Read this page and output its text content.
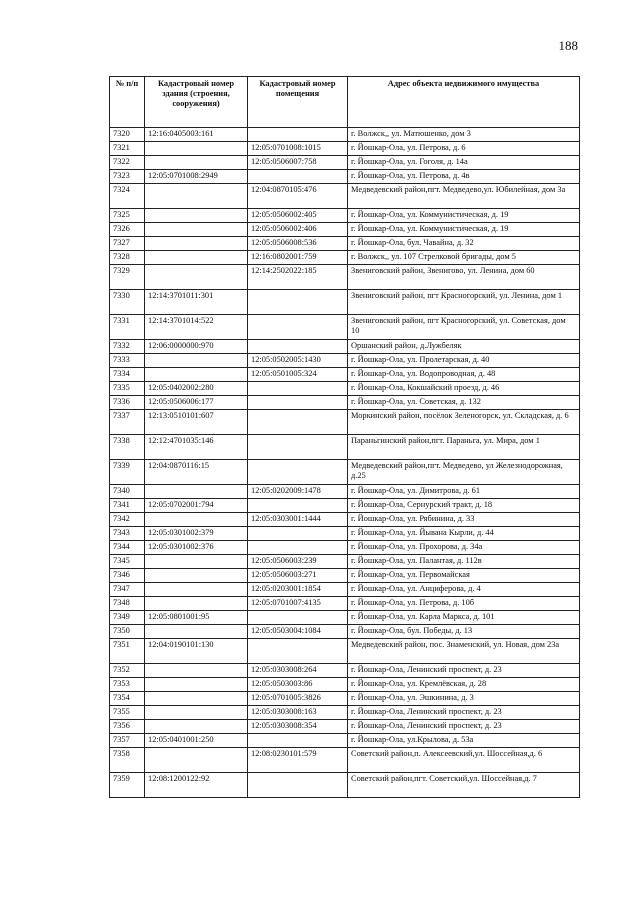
188
№ п/п	Кадастровый номер здания (строения, сооружения)	Кадастровый номер помещения	Адрес объекта недвижимого имущества
7320	12:16:0405003:161		г. Волжск,, ул. Матюшенко, дом 3
7321		12:05:0701008:1015	г. Йошкар-Ола, ул. Петрова, д. 6
7322		12:05:0506007:758	г. Йошкар-Ола, ул. Гоголя, д. 14а
7323	12:05:0701008:2949		г. Йошкар-Ола, ул. Петрова, д. 4в
7324		12:04:0870105:476	Медведевский район,пгт. Медведево,ул. Юбилейная, дом 3а
7325		12:05:0506002:405	г. Йошкар-Ола, ул. Коммунистическая, д. 19
7326		12:05:0506002:406	г. Йошкар-Ола, ул. Коммунистическая, д. 19
7327		12:05:0506008:536	г. Йошкар-Ола, бул. Чавайна, д. 32
7328		12:16:0802001:759	г. Волжск,, ул. 107 Стрелковой бригады, дом 5
7329		12:14:2502022:185	Звениговский район, Звенигово, ул. Ленина, дом 60
7330	12:14:3701011:301		Звениговский район, пгт Красногорский, ул. Ленина, дом 1
7331	12:14:3701014:522		Звениговский район, пгт Красногорский, ул. Советская, дом 10
7332	12:06:0000000:970		Оршанский район, д.Лужбеляк
7333		12:05:0502005:1430	г. Йошкар-Ола, ул. Пролетарская, д. 40
7334		12:05:0501005:324	г. Йошкар-Ола, ул. Водопроводная, д. 48
7335	12:05:0402002:280		г. Йошкар-Ола, Кокшайский проезд, д. 46
7336	12:05:0506006:177		г. Йошкар-Ола, ул. Советская, д. 132
7337	12:13:0510101:607		Моркинский район, посёлок Зеленогорск, ул. Складская, д. 6
7338	12:12:4701035:146		Параньгинский район,пгт. Параньга, ул. Мира, дом 1
7339	12:04:0870116:15		Медведевский район,пгт. Медведево, ул Железнодорожная, д.25
7340		12:05:0202009:1478	г. Йошкар-Ола, ул. Димитрова, д. 61
7341	12:05:0702001:794		г. Йошкар-Ола, Сернурский тракт, д. 18
7342		12:05:0303001:1444	г. Йошкар-Ола, ул. Рябинина, д. 33
7343	12:05:0301002:379		г. Йошкар-Ола, ул. Йывана Кырли, д. 44
7344	12:05:0301002:376		г. Йошкар-Ола, ул. Прохорова, д. 34а
7345		12:05:0506003:239	г. Йошкар-Ола, ул. Палантая, д. 112в
7346		12:05:0506003:271	г. Йошкар-Ола, ул. Первомайская
7347		12:05:0203001:1854	г. Йошкар-Ола, ул. Анциферова, д. 4
7348		12:05:0701007:4135	г. Йошкар-Ола, ул. Петрова, д. 10б
7349	12:05:0801001:95		г. Йошкар-Ола, ул. Карла Маркса, д. 101
7350		12:05:0503004:1084	г. Йошкар-Ола, бул. Победы, д. 13
7351	12:04:0190101:130		Медведевский район, пос. Знаменский, ул. Новая, дом 23а
7352		12:05:0303008:264	г. Йошкар-Ола, Ленинский проспект, д. 23
7353		12:05:0503003:86	г. Йошкар-Ола, ул. Кремлёвская, д. 28
7354		12:05:0701005:3826	г. Йошкар-Ола, ул. Эшкинина, д. 3
7355		12:05:0303008:163	г. Йошкар-Ола, Ленинский проспект, д. 23
7356		12:05:0303008:354	г. Йошкар-Ола, Ленинский проспект, д. 23
7357	12:05:0401001:250		г. Йошкар-Ола, ул.Крылова, д. 53а
7358		12:08:0230101:579	Советский район,п. Алексеевский,ул. Шоссейная,д. 6
7359	12:08:1200122:92		Советский район,пгт. Советский,ул. Шоссейная,д. 7
